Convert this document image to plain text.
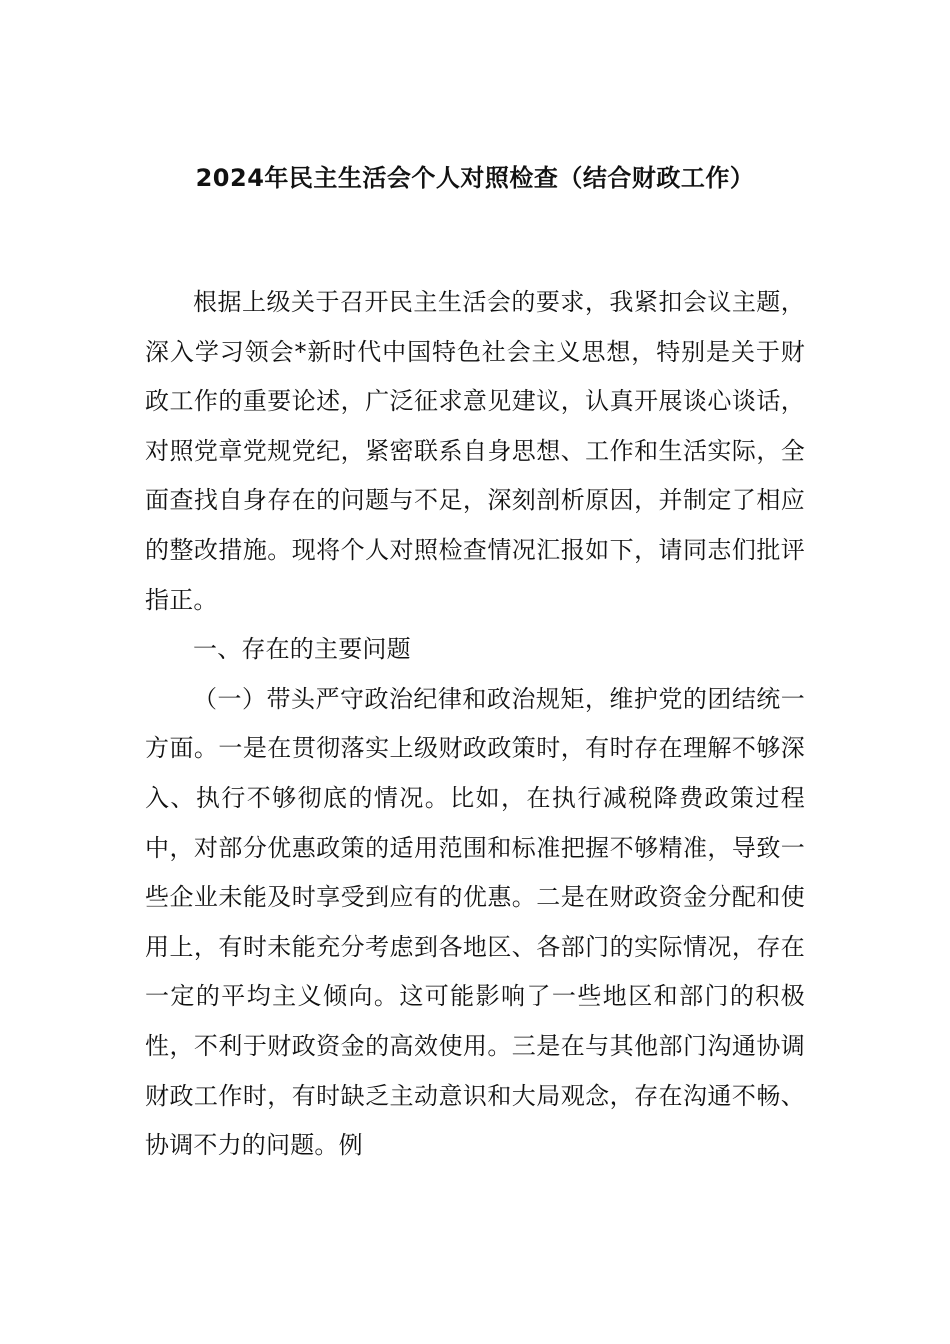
2024年民主生活会个人对照检查（结合财政工作）

根据上级关于召开民主生活会的要求，我紧扣会议主题，深入学习领会*新时代中国特色社会主义思想，特别是关于财政工作的重要论述，广泛征求意见建议，认真开展谈心谈话，对照党章党规党纪，紧密联系自身思想、工作和生活实际，全面查找自身存在的问题与不足，深刻剖析原因，并制定了相应的整改措施。现将个人对照检查情况汇报如下，请同志们批评指正。

一、存在的主要问题

（一）带头严守政治纪律和政治规矩，维护党的团结统一方面。一是在贯彻落实上级财政政策时，有时存在理解不够深入、执行不够彻底的情况。比如，在执行减税降费政策过程中，对部分优惠政策的适用范围和标准把握不够精准，导致一些企业未能及时享受到应有的优惠。二是在财政资金分配和使用上，有时未能充分考虑到各地区、各部门的实际情况，存在一定的平均主义倾向。这可能影响了一些地区和部门的积极性，不利于财政资金的高效使用。三是在与其他部门沟通协调财政工作时，有时缺乏主动意识和大局观念，存在沟通不畅、协调不力的问题。例
